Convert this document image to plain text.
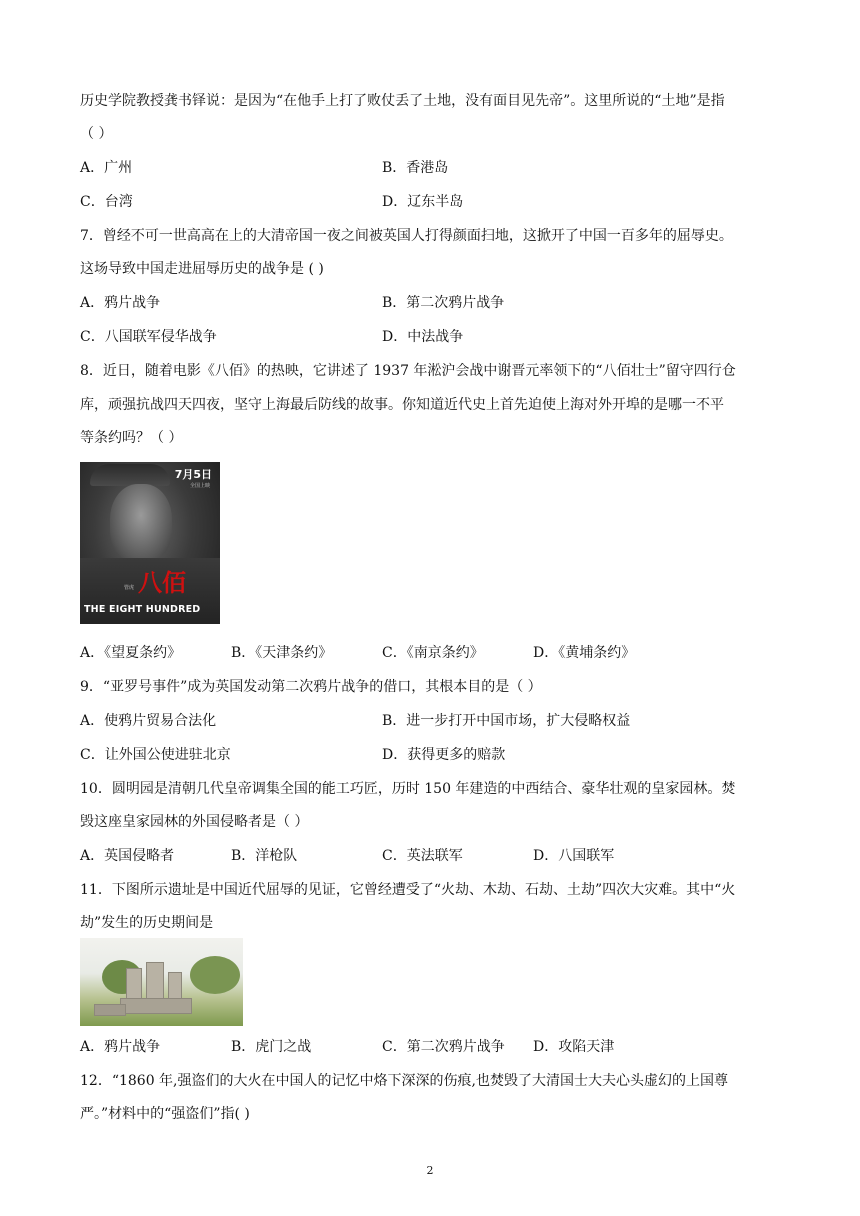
历史学院教授龚书铎说：是因为“在他手上打了败仗丢了土地，没有面目见先帝”。这里所说的“土地”是指
（ ）
A．广州	B．香港岛
C．台湾	D．辽东半岛
7．曾经不可一世高高在上的大清帝国一夜之间被英国人打得颜面扫地，这掀开了中国一百多年的屈辱史。
这场导致中国走进屈辱历史的战争是 ( )
A．鸦片战争	B．第二次鸦片战争
C．八国联军侵华战争	D．中法战争
8．近日，随着电影《八佰》的热映，它讲述了 1937 年淞沪会战中谢晋元率领下的“八佰壮士”留守四行仓
库，顽强抗战四天四夜，坚守上海最后防线的故事。你知道近代史上首先迫使上海对外开埠的是哪一不平
等条约吗？（ ）
7月5日
全国上映
管虎 八佰
THE EIGHT HUNDRED
A．《望夏条约》	B．《天津条约》	C．《南京条约》	D．《黄埔条约》
9．“亚罗号事件”成为英国发动第二次鸦片战争的借口，其根本目的是（ ）
A．使鸦片贸易合法化	B．进一步打开中国市场，扩大侵略权益
C．让外国公使进驻北京	D．获得更多的赔款
10．圆明园是清朝几代皇帝调集全国的能工巧匠，历时 150 年建造的中西结合、豪华壮观的皇家园林。焚
毁这座皇家园林的外国侵略者是（ ）
A．英国侵略者	B．洋枪队	C．英法联军	D．八国联军
11．下图所示遗址是中国近代屈辱的见证，它曾经遭受了“火劫、木劫、石劫、土劫”四次大灾难。其中“火
劫”发生的历史期间是
A．鸦片战争	B．虎门之战	C．第二次鸦片战争 D．攻陷天津
12．“1860 年,强盗们的大火在中国人的记忆中烙下深深的伤痕,也焚毁了大清国士大夫心头虚幻的上国尊
严。”材料中的“强盗们”指( )
2
